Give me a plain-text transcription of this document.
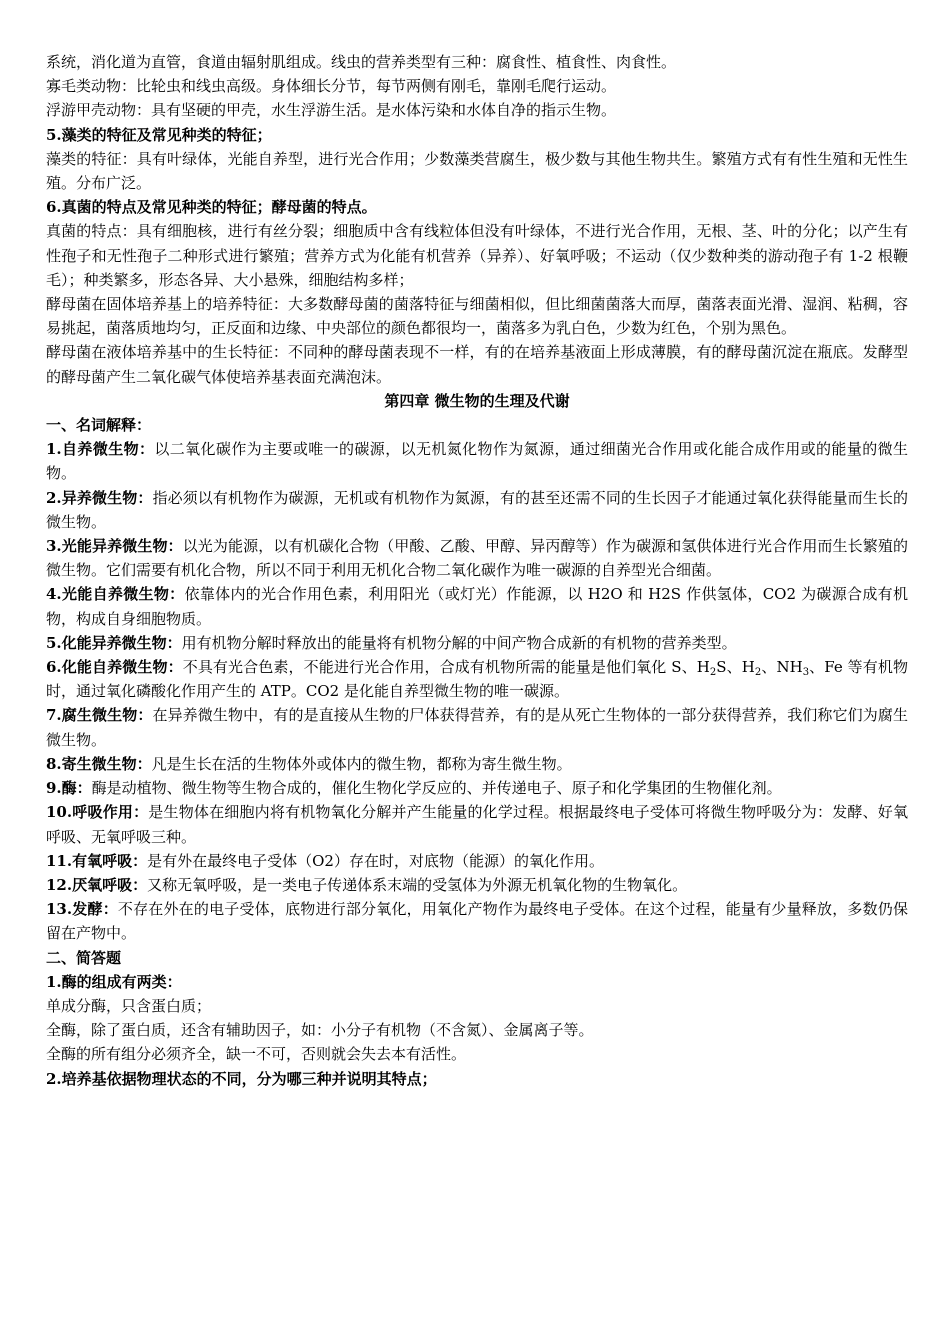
系统，消化道为直管，食道由辐射肌组成。线虫的营养类型有三种：腐食性、植食性、肉食性。

寡毛类动物：比轮虫和线虫高级。身体细长分节，每节两侧有刚毛，靠刚毛爬行运动。

浮游甲壳动物：具有坚硬的甲壳，水生浮游生活。是水体污染和水体自净的指示生物。

5.藻类的特征及常见种类的特征；

藻类的特征：具有叶绿体，光能自养型，进行光合作用；少数藻类营腐生，极少数与其他生物共生。繁殖方式有有性生殖和无性生殖。分布广泛。

6.真菌的特点及常见种类的特征；酵母菌的特点。

真菌的特点：具有细胞核，进行有丝分裂；细胞质中含有线粒体但没有叶绿体，不进行光合作用，无根、茎、叶的分化；以产生有性孢子和无性孢子二种形式进行繁殖；营养方式为化能有机营养（异养）、好氧呼吸；不运动（仅少数种类的游动孢子有 1-2 根鞭毛）；种类繁多，形态各异、大小悬殊，细胞结构多样；

酵母菌在固体培养基上的培养特征：大多数酵母菌的菌落特征与细菌相似，但比细菌菌落大而厚，菌落表面光滑、湿润、粘稠，容易挑起，菌落质地均匀，正反面和边缘、中央部位的颜色都很均一，菌落多为乳白色，少数为红色，个别为黑色。

酵母菌在液体培养基中的生长特征：不同种的酵母菌表现不一样，有的在培养基液面上形成薄膜，有的酵母菌沉淀在瓶底。发酵型的酵母菌产生二氧化碳气体使培养基表面充满泡沫。

第四章 微生物的生理及代谢

一、名词解释：

1.自养微生物：以二氧化碳作为主要或唯一的碳源，以无机氮化物作为氮源，通过细菌光合作用或化能合成作用或的能量的微生物。

2.异养微生物：指必须以有机物作为碳源，无机或有机物作为氮源，有的甚至还需不同的生长因子才能通过氧化获得能量而生长的微生物。

3.光能异养微生物：以光为能源，以有机碳化合物（甲酸、乙酸、甲醇、异丙醇等）作为碳源和氢供体进行光合作用而生长繁殖的微生物。它们需要有机化合物，所以不同于利用无机化合物二氧化碳作为唯一碳源的自养型光合细菌。

4.光能自养微生物：依靠体内的光合作用色素，利用阳光（或灯光）作能源，以 H2O 和 H2S 作供氢体，CO2 为碳源合成有机物，构成自身细胞物质。

5.化能异养微生物：用有机物分解时释放出的能量将有机物分解的中间产物合成新的有机物的营养类型。

6.化能自养微生物：不具有光合色素，不能进行光合作用，合成有机物所需的能量是他们氧化 S、$H_2S$、$H_2$、$NH_3$、Fe 等有机物时，通过氧化磷酸化作用产生的 ATP。CO2 是化能自养型微生物的唯一碳源。

7.腐生微生物：在异养微生物中，有的是直接从生物的尸体获得营养，有的是从死亡生物体的一部分获得营养，我们称它们为腐生微生物。

8.寄生微生物：凡是生长在活的生物体外或体内的微生物，都称为寄生微生物。

9.酶：酶是动植物、微生物等生物合成的，催化生物化学反应的、并传递电子、原子和化学集团的生物催化剂。

10.呼吸作用：是生物体在细胞内将有机物氧化分解并产生能量的化学过程。根据最终电子受体可将微生物呼吸分为：发酵、好氧呼吸、无氧呼吸三种。

11.有氧呼吸：是有外在最终电子受体（O2）存在时，对底物（能源）的氧化作用。

12.厌氧呼吸：又称无氧呼吸，是一类电子传递体系末端的受氢体为外源无机氧化物的生物氧化。

13.发酵：不存在外在的电子受体，底物进行部分氧化，用氧化产物作为最终电子受体。在这个过程，能量有少量释放，多数仍保留在产物中。

二、简答题

1.酶的组成有两类：

单成分酶，只含蛋白质；

全酶，除了蛋白质，还含有辅助因子，如：小分子有机物（不含氮）、金属离子等。

全酶的所有组分必须齐全，缺一不可，否则就会失去本有活性。

2.培养基依据物理状态的不同，分为哪三种并说明其特点；
